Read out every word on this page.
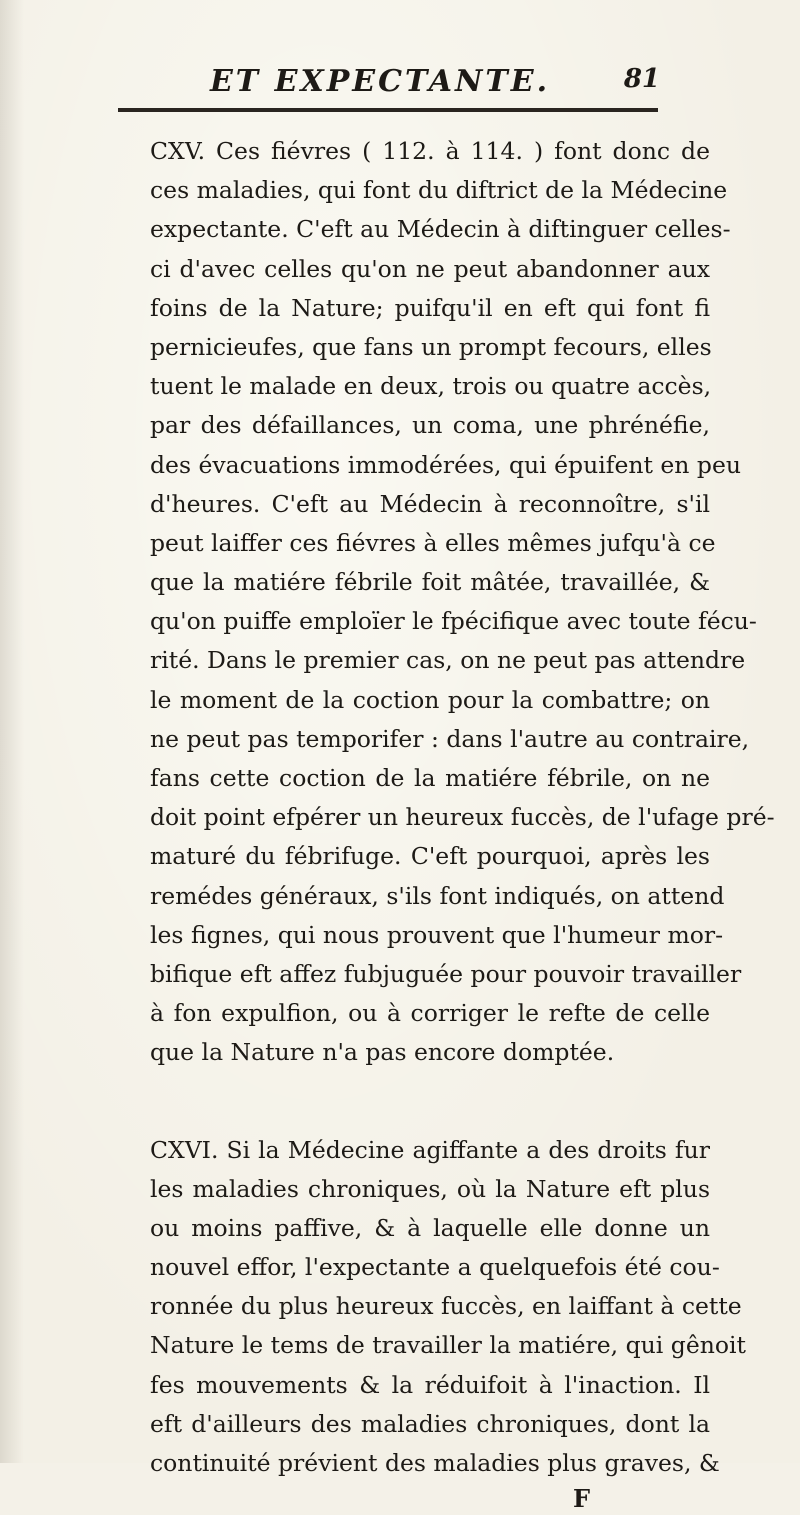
ET EXPECTANTE.	81

CXV. Ces fiévres ( 112. à 114. ) font donc de
ces maladies, qui font du diftrict de la Médecine
expectante. C'eft au Médecin à diftinguer celles-
ci d'avec celles qu'on ne peut abandonner aux
foins de la Nature; puifqu'il en eft qui font fi
pernicieufes, que fans un prompt fecours, elles
tuent le malade en deux, trois ou quatre accès,
par des défaillances, un coma, une phrénéfie,
des évacuations immodérées, qui épuifent en peu
d'heures. C'eft au Médecin à reconnoître, s'il
peut laiffer ces fiévres à elles mêmes jufqu'à ce
que la matiére fébrile foit mâtée, travaillée, &
qu'on puiffe emploïer le fpécifique avec toute fécu-
rité. Dans le premier cas, on ne peut pas attendre
le moment de la coction pour la combattre; on
ne peut pas temporifer : dans l'autre au contraire,
fans cette coction de la matiére fébrile, on ne
doit point efpérer un heureux fuccès, de l'ufage pré-
maturé du fébrifuge. C'eft pourquoi, après les
remédes généraux, s'ils font indiqués, on attend
les fignes, qui nous prouvent que l'humeur mor-
bifique eft affez fubjuguée pour pouvoir travailler
à fon expulfion, ou à corriger le refte de celle
que la Nature n'a pas encore domptée.

CXVI. Si la Médecine agiffante a des droits fur
les maladies chroniques, où la Nature eft plus
ou moins paffive, & à laquelle elle donne un
nouvel effor, l'expectante a quelquefois été cou-
ronnée du plus heureux fuccès, en laiffant à cette
Nature le tems de travailler la matiére, qui gênoit
fes mouvements & la réduifoit à l'inaction. Il
eft d'ailleurs des maladies chroniques, dont la
continuité prévient des maladies plus graves, &

F
